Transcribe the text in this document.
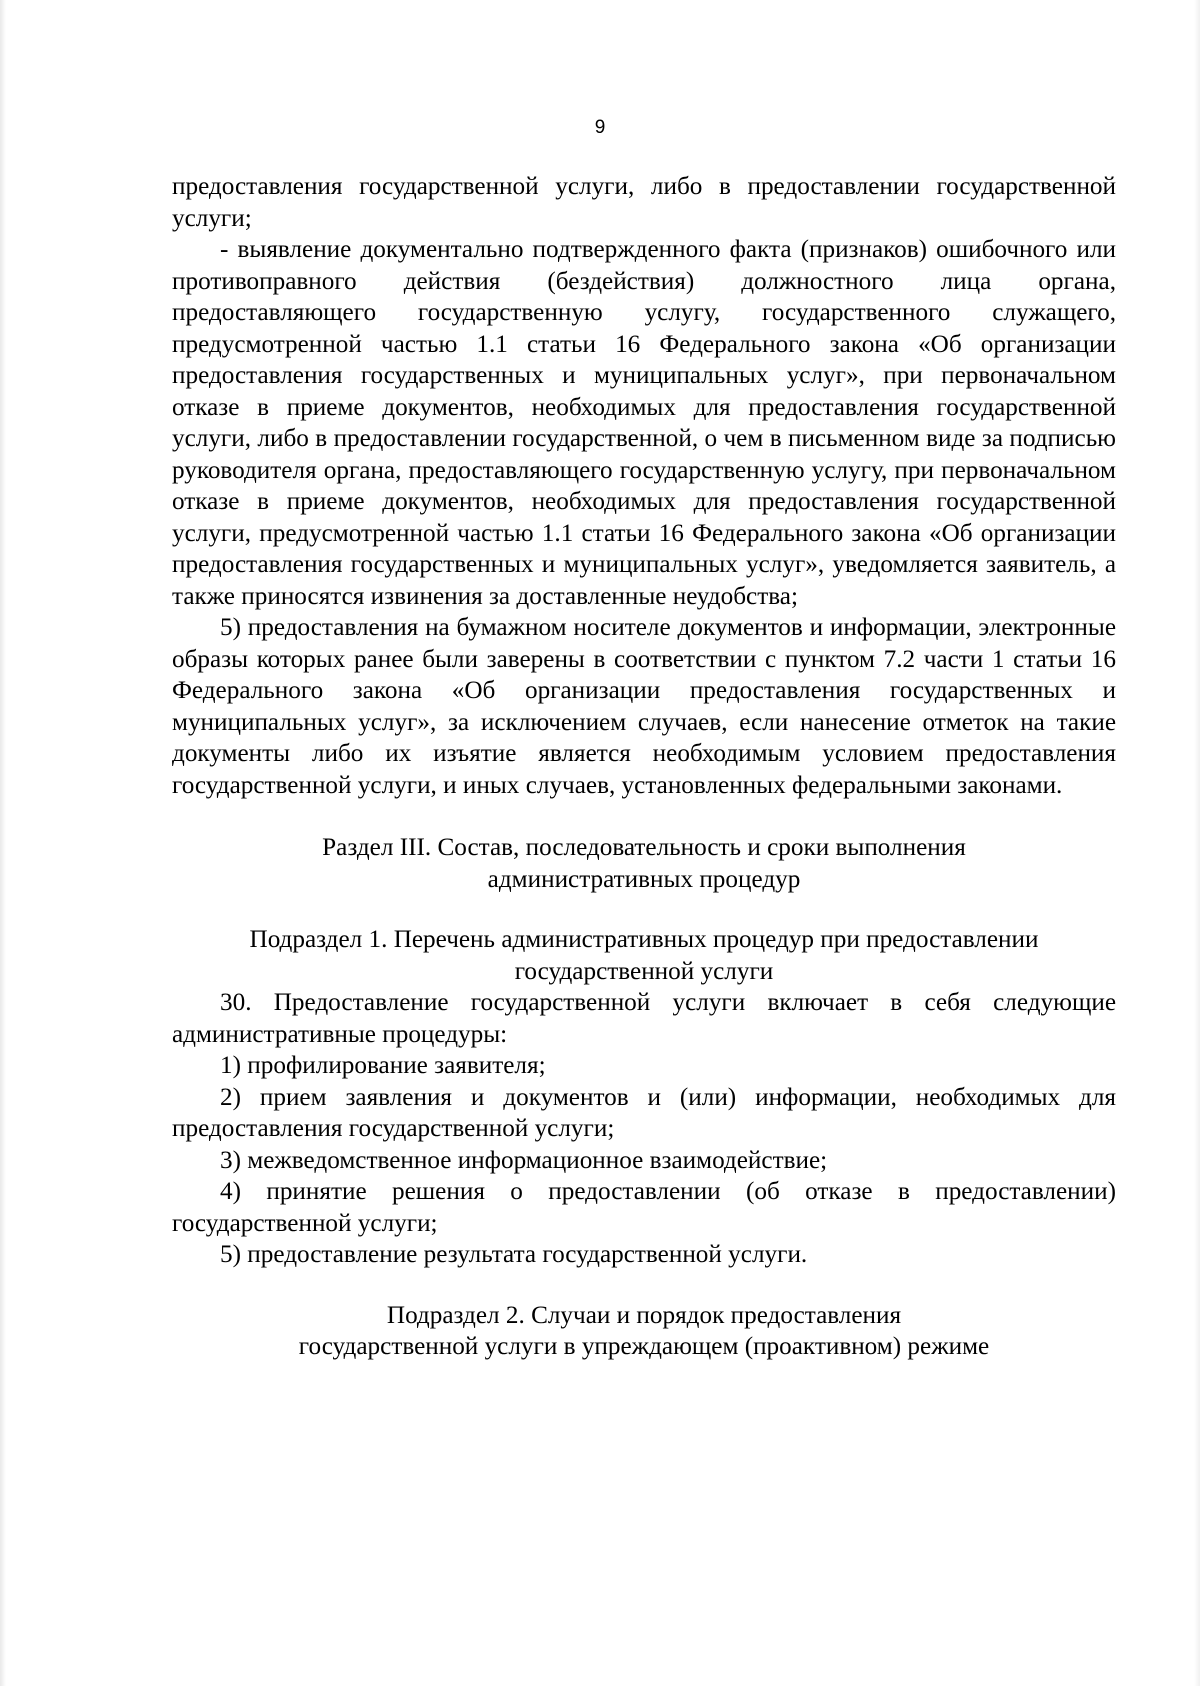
9

предоставления государственной услуги, либо в предоставлении государственной услуги;

- выявление документально подтвержденного факта (признаков) ошибочного или противоправного действия (бездействия) должностного лица органа, предоставляющего государственную услугу, государственного служащего, предусмотренной частью 1.1 статьи 16 Федерального закона «Об организации предоставления государственных и муниципальных услуг», при первоначальном отказе в приеме документов, необходимых для предоставления государственной услуги, либо в предоставлении государственной, о чем в письменном виде за подписью руководителя органа, предоставляющего государственную услугу, при первоначальном отказе в приеме документов, необходимых для предоставления государственной услуги, предусмотренной частью 1.1 статьи 16 Федерального закона «Об организации предоставления государственных и муниципальных услуг», уведомляется заявитель, а также приносятся извинения за доставленные неудобства;

5) предоставления на бумажном носителе документов и информации, электронные образы которых ранее были заверены в соответствии с пунктом 7.2 части 1 статьи 16 Федерального закона «Об организации предоставления государственных и муниципальных услуг», за исключением случаев, если нанесение отметок на такие документы либо их изъятие является необходимым условием предоставления государственной услуги, и иных случаев, установленных федеральными законами.

Раздел III. Состав, последовательность и сроки выполнения

административных процедур

Подраздел 1. Перечень административных процедур при предоставлении

государственной услуги

30. Предоставление государственной услуги включает в себя следующие административные процедуры:

1) профилирование заявителя;

2) прием заявления и документов и (или) информации, необходимых для предоставления государственной услуги;

3) межведомственное информационное взаимодействие;

4) принятие решения о предоставлении (об отказе в предоставлении) государственной услуги;

5) предоставление результата государственной услуги.

Подраздел 2. Случаи и порядок предоставления

государственной услуги в упреждающем (проактивном) режиме
